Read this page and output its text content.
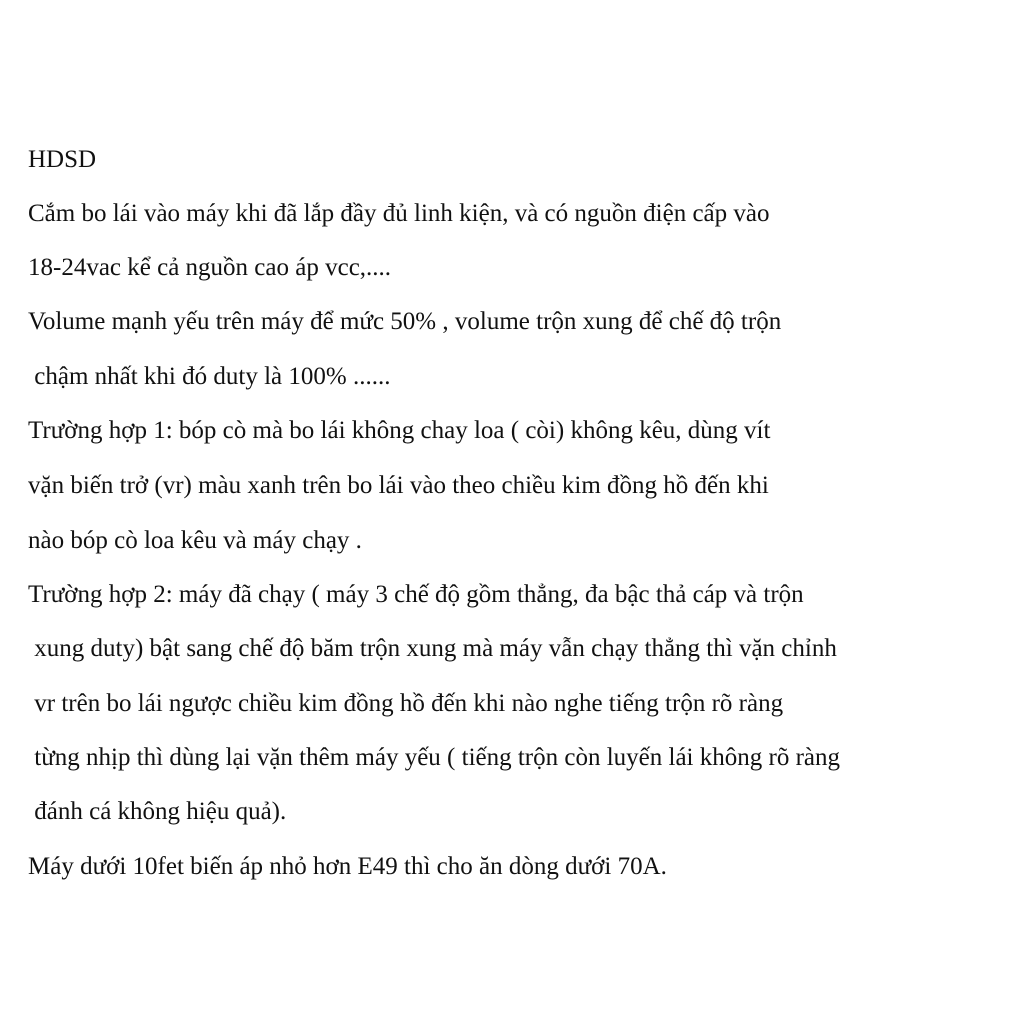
HDSD

Cắm bo lái vào máy khi đã lắp đầy đủ linh kiện, và có nguồn điện cấp vào

18-24vac kể cả nguồn cao áp vcc,....

Volume mạnh yếu trên máy để mức 50% , volume trộn xung để chế độ trộn

chậm nhất khi đó duty là 100% ......

Trường hợp 1: bóp cò mà bo lái không chay loa ( còi) không kêu, dùng vít

vặn biến trở (vr) màu xanh trên bo lái vào theo chiều kim đồng hồ đến khi

nào bóp cò loa kêu và máy chạy .

Trường hợp 2: máy đã chạy ( máy 3 chế độ gồm thẳng, đa bậc thả cáp và trộn

xung duty) bật sang chế độ băm trộn xung mà máy vẫn chạy thẳng thì vặn chỉnh

vr trên bo lái ngược chiều kim đồng hồ đến khi nào nghe tiếng trộn rõ ràng

từng nhịp thì dùng lại vặn thêm máy yếu ( tiếng trộn còn luyến lái không rõ ràng

đánh cá không hiệu quả).

Máy dưới 10fet biến áp nhỏ hơn E49 thì cho ăn dòng dưới 70A.
